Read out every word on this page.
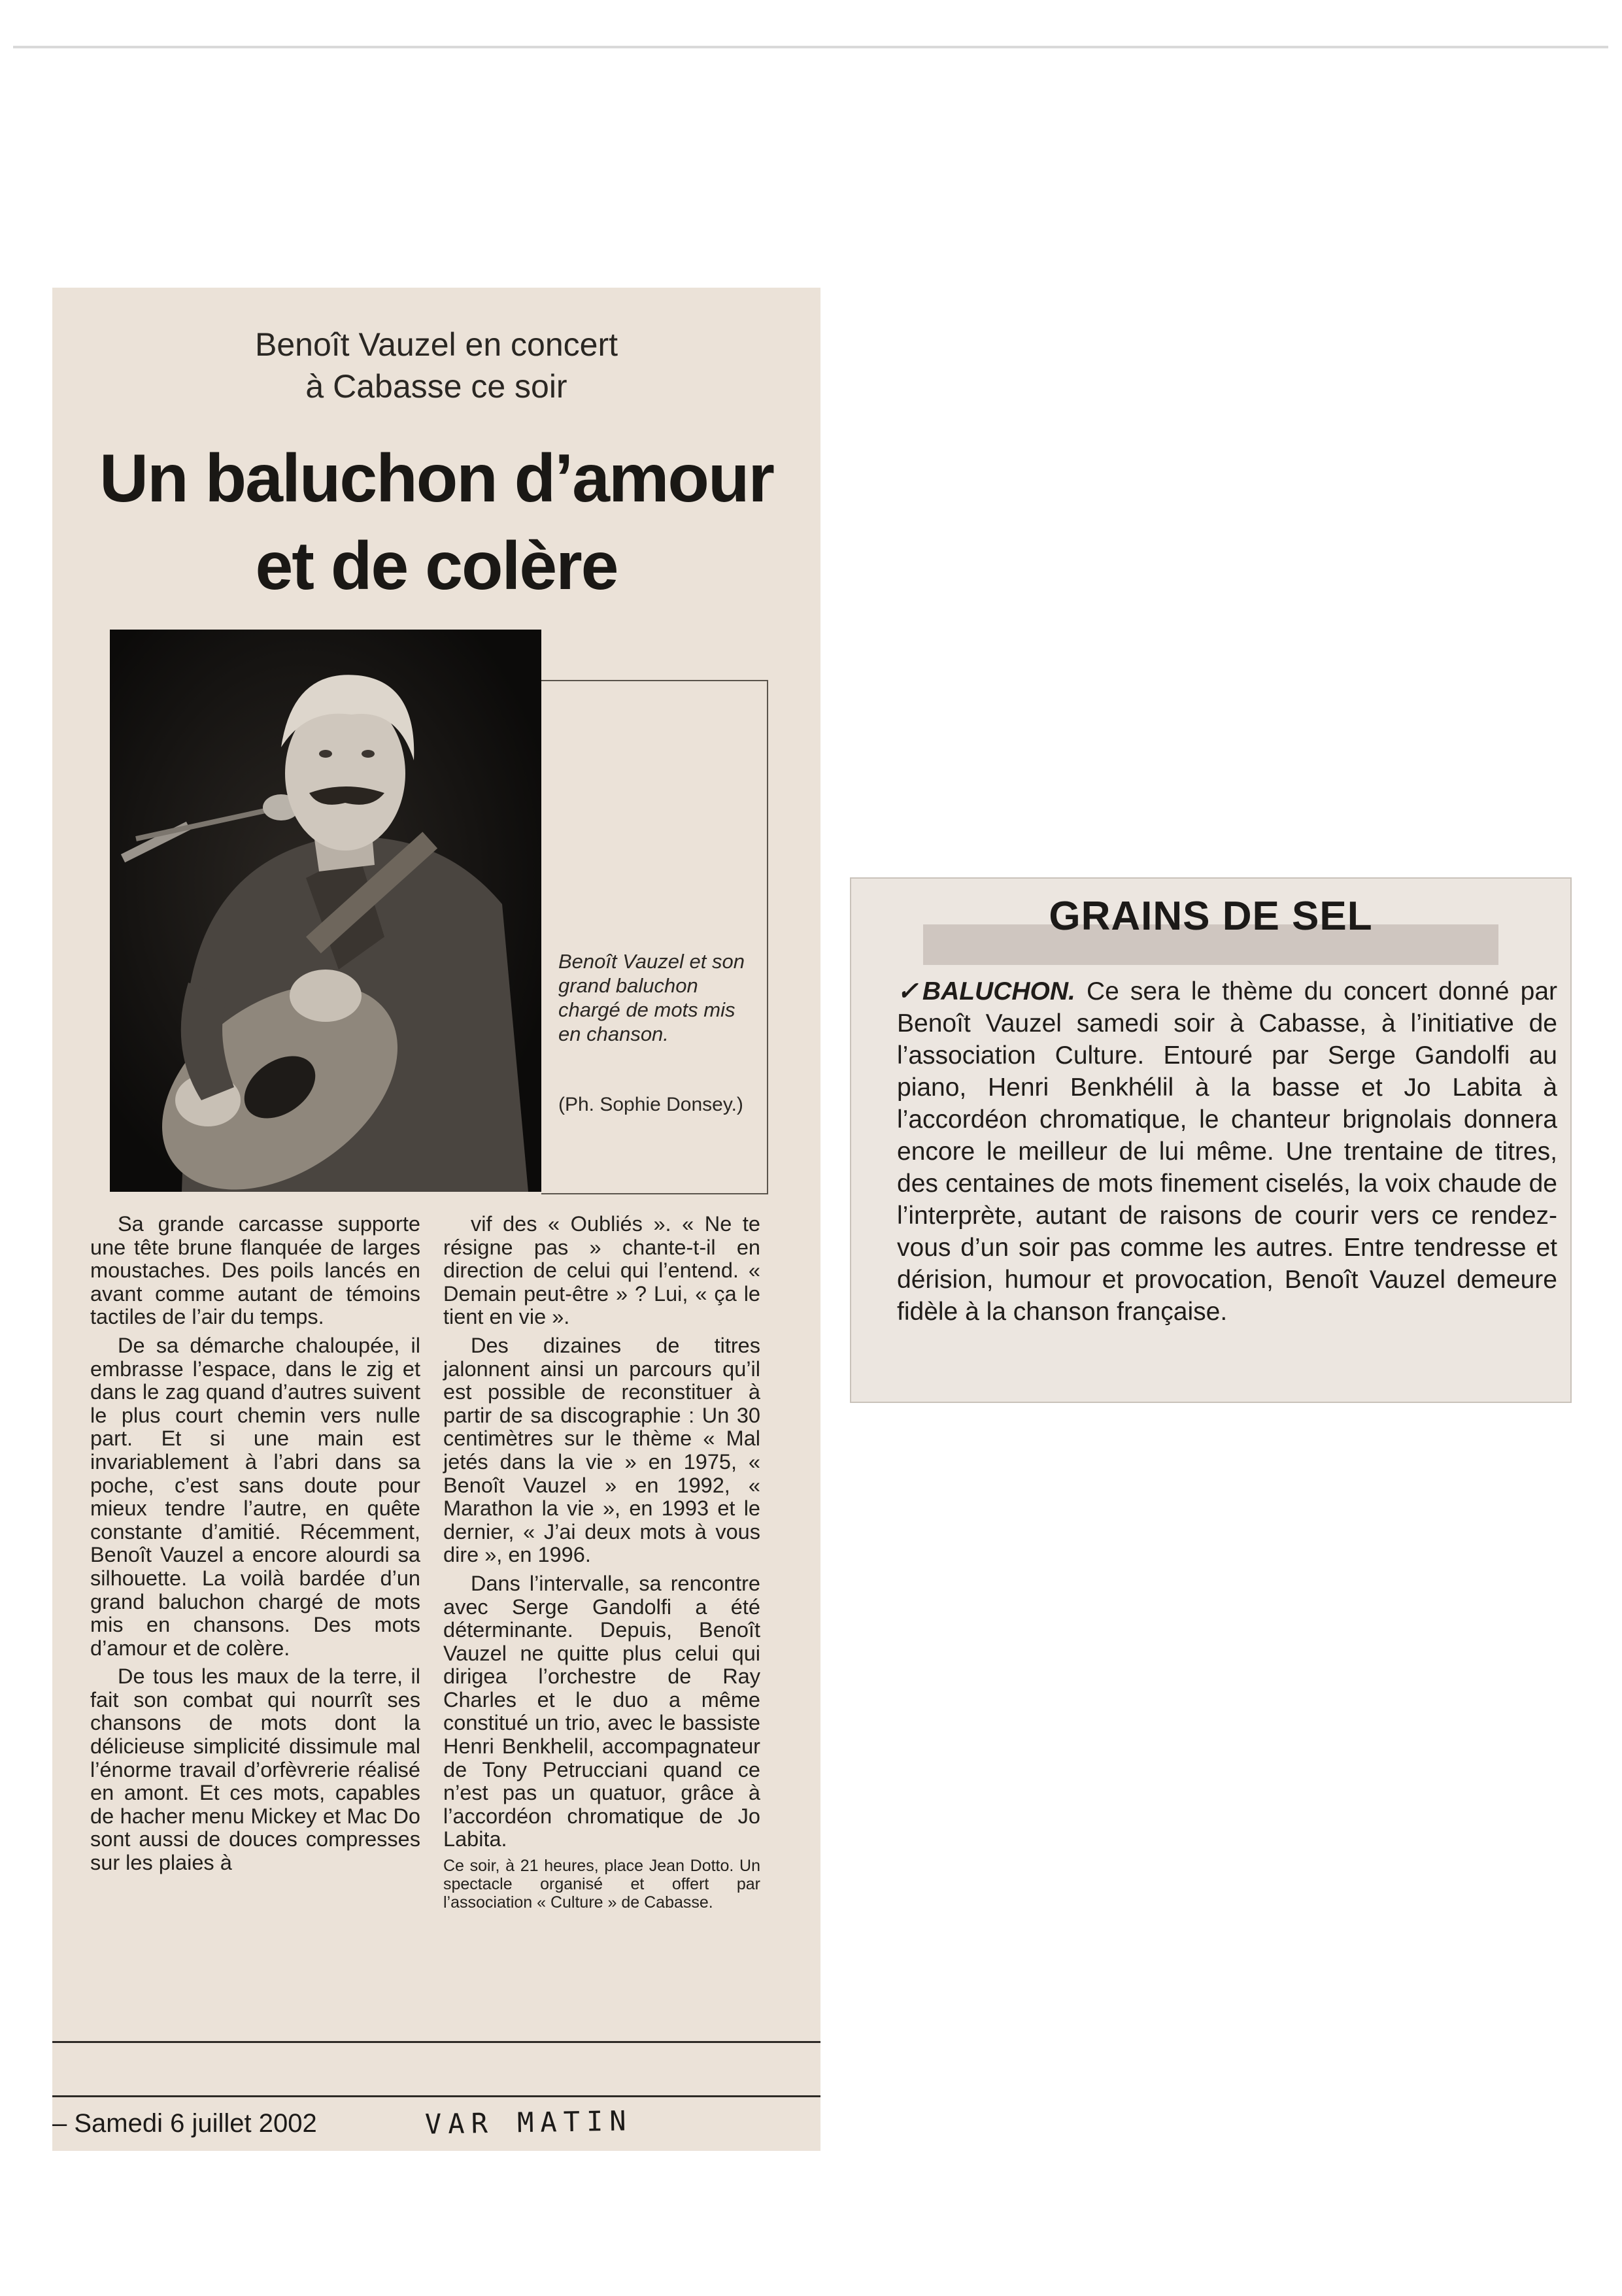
Benoît Vauzel en concert
à Cabasse ce soir
Un baluchon d’amour
et de colère
Benoît Vauzel et son grand baluchon chargé de mots mis en chanson.
(Ph. Sophie Donsey.)

Sa grande carcasse supporte une tête brune flanquée de larges moustaches. Des poils lancés en avant comme autant de témoins tactiles de l’air du temps.

De sa démarche chaloupée, il embrasse l’espace, dans le zig et dans le zag quand d’autres suivent le plus court chemin vers nulle part. Et si une main est invariablement à l’abri dans sa poche, c’est sans doute pour mieux tendre l’autre, en quête constante d’amitié. Récemment, Benoît Vauzel a encore alourdi sa silhouette. La voilà bardée d’un grand baluchon chargé de mots mis en chansons. Des mots d’amour et de colère.

De tous les maux de la terre, il fait son combat qui nourrît ses chansons de mots dont la délicieuse simplicité dissimule mal l’énorme travail d’orfèvrerie réalisé en amont. Et ces mots, capables de hacher menu Mickey et Mac Do sont aussi de douces compresses sur les plaies à

vif des « Oubliés ». « Ne te résigne pas » chante-t-il en direction de celui qui l’entend. « Demain peut-être » ? Lui, « ça le tient en vie ».

Des dizaines de titres jalonnent ainsi un parcours qu’il est possible de reconstituer à partir de sa discographie : Un 30 centimètres sur le thème « Mal jetés dans la vie » en 1975, « Benoît Vauzel » en 1992, « Marathon la vie », en 1993 et le dernier, « J’ai deux mots à vous dire », en 1996.

Dans l’intervalle, sa rencontre avec Serge Gandolfi a été déterminante. Depuis, Benoît Vauzel ne quitte plus celui qui dirigea l’orchestre de Ray Charles et le duo a même constitué un trio, avec le bassiste Henri Benkhelil, accompagnateur de Tony Petrucciani quand ce n’est pas un quatuor, grâce à l’accordéon chromatique de Jo Labita.

Ce soir, à 21 heures, place Jean Dotto. Un spectacle organisé et offert par l’association « Culture » de Cabasse.

– Samedi 6 juillet 2002	VAR MATIN
GRAINS DE SEL
✓BALUCHON. Ce sera le thème du concert donné par Benoît Vauzel samedi soir à Cabasse, à l’initiative de l’association Culture. Entouré par Serge Gandolfi au piano, Henri Benkhélil à la basse et Jo Labita à l’accordéon chromatique, le chanteur brignolais donnera encore le meilleur de lui même. Une trentaine de titres, des centaines de mots finement ciselés, la voix chaude de l’interprète, autant de raisons de courir vers ce rendez-vous d’un soir pas comme les autres. Entre tendresse et dérision, humour et provocation, Benoît Vauzel demeure fidèle à la chanson française.
